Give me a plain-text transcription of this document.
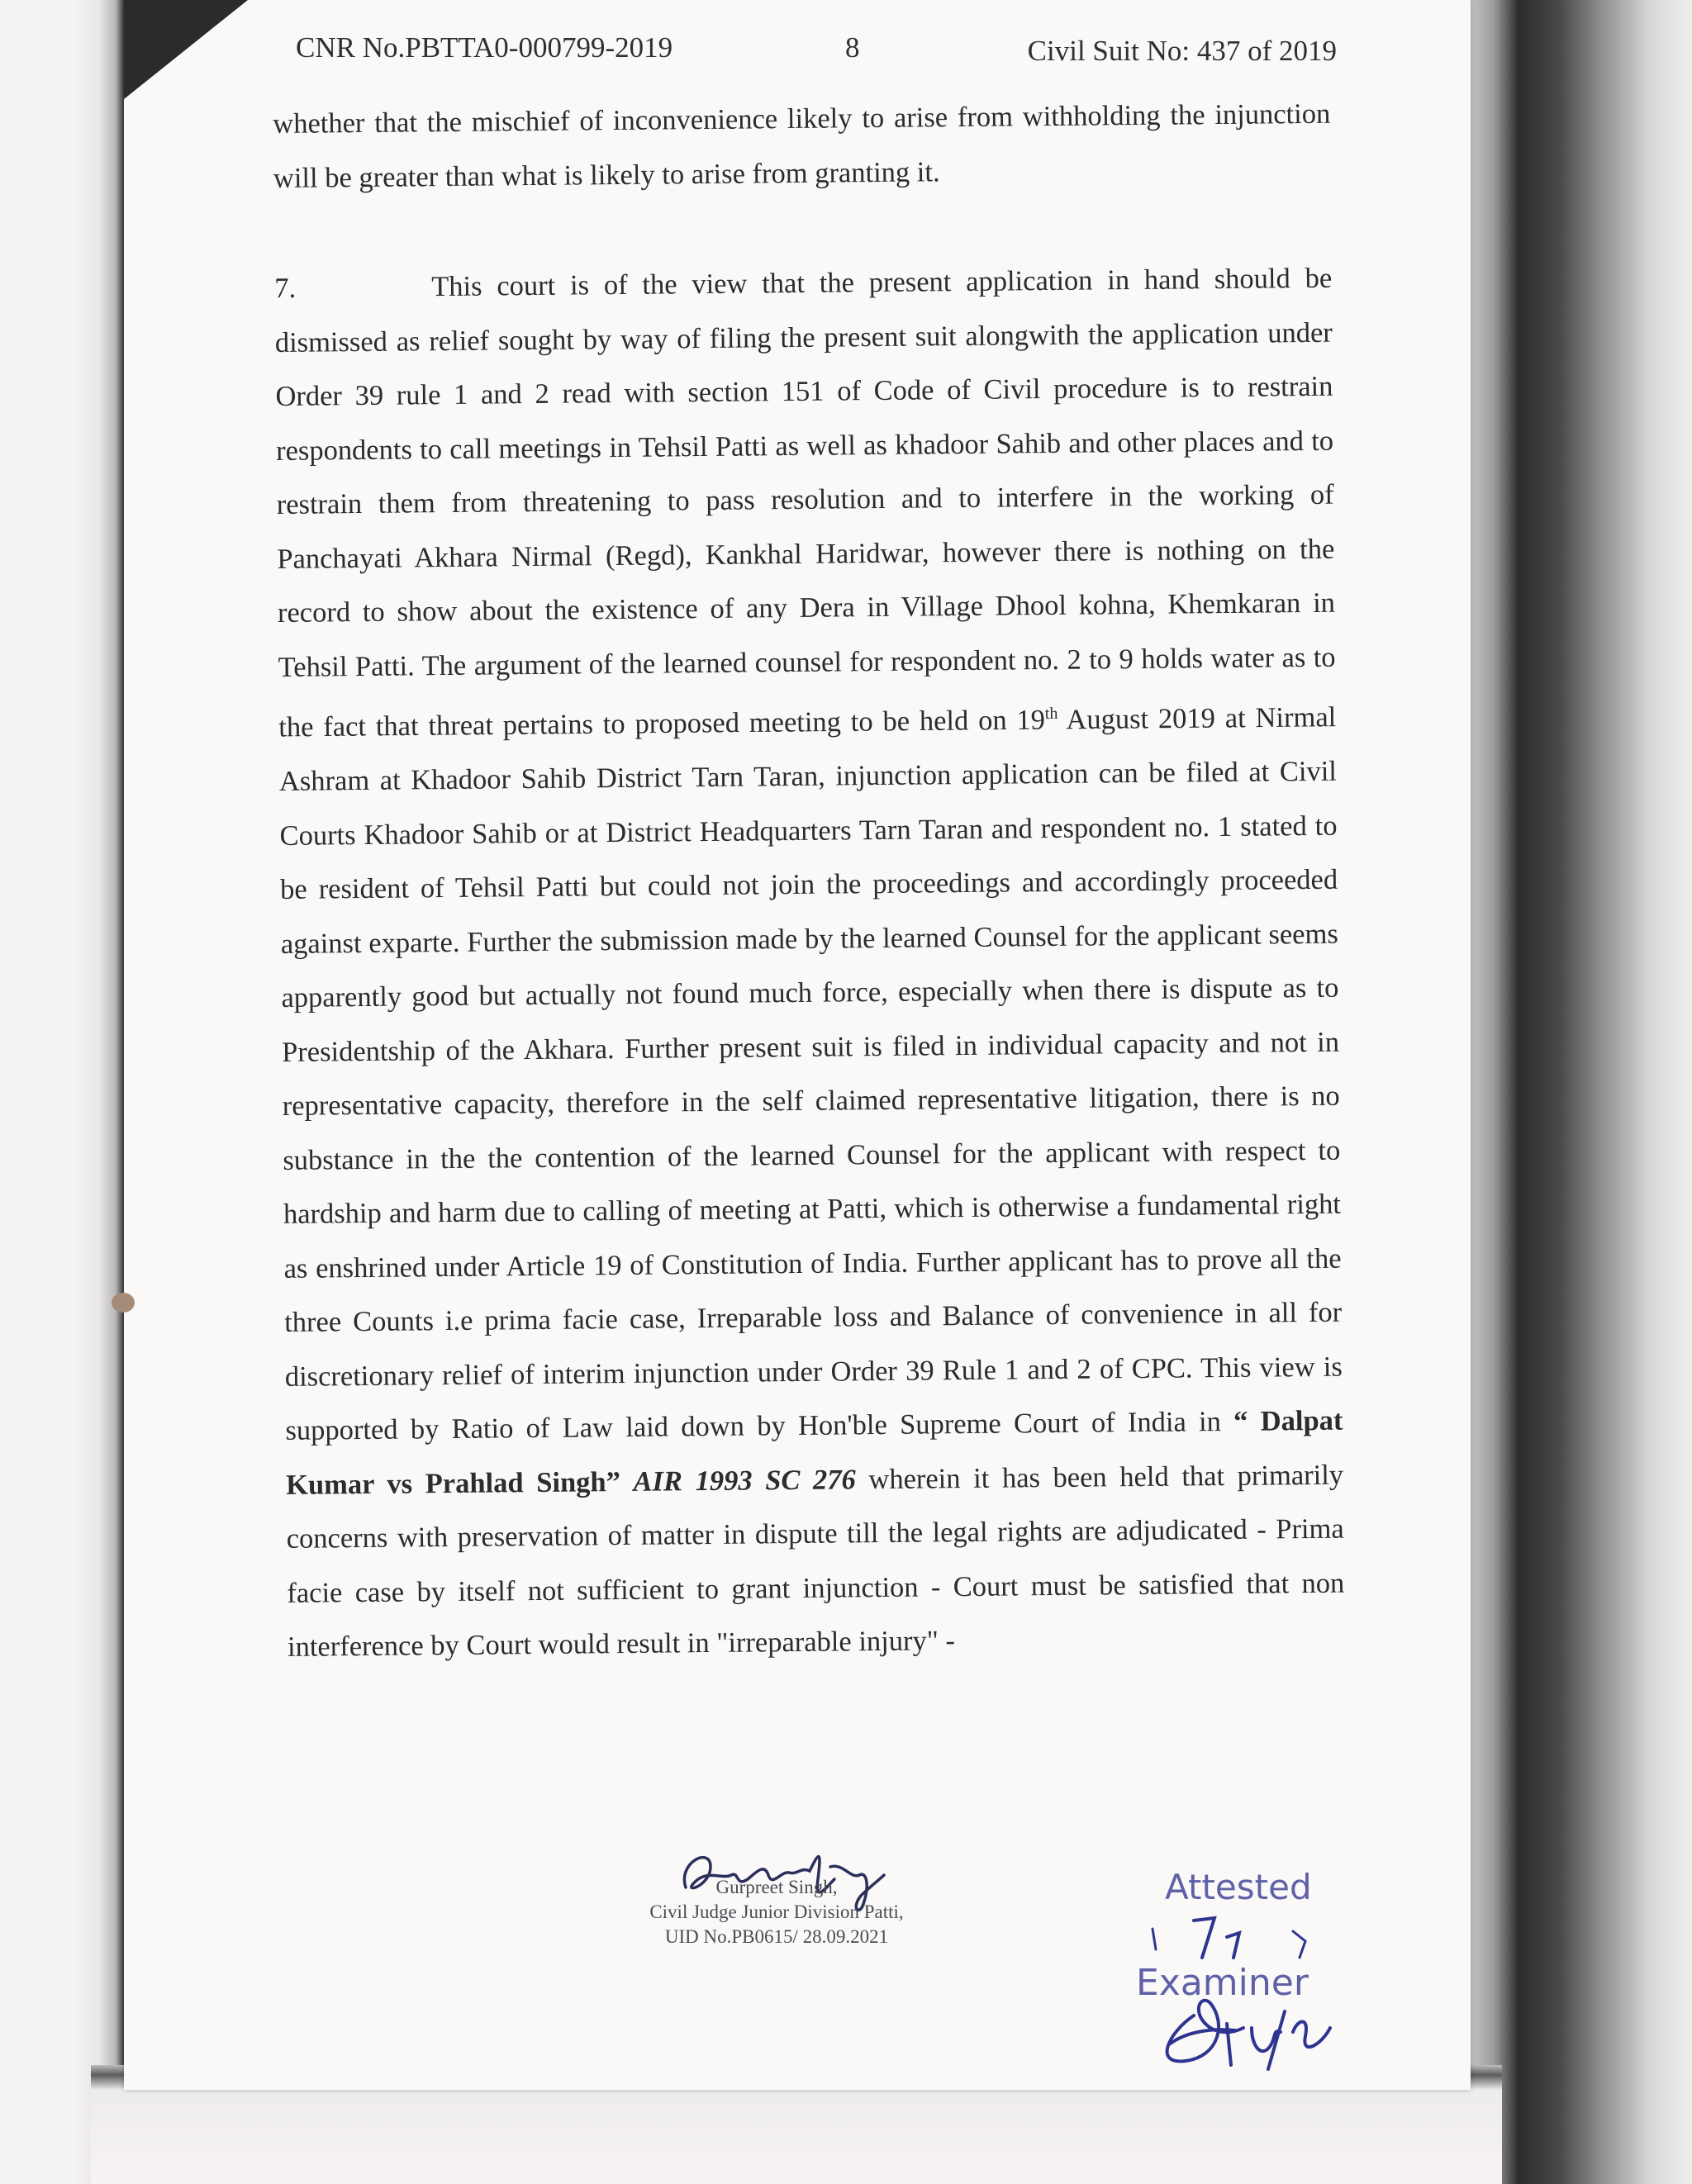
CNR No.PBTTA0-000799-2019	8	Civil Suit No: 437 of 2019

whether that the mischief of inconvenience likely to arise from withholding the injunction will be greater than what is likely to arise from granting it.

7.	This court is of the view that the present application in hand should be dismissed as relief sought by way of filing the present suit alongwith the application under Order 39 rule 1 and 2 read with section 151 of Code of Civil procedure is to restrain respondents to call meetings in Tehsil Patti as well as khadoor Sahib and other places and to restrain them from threatening to pass resolution and to interfere in the working of Panchayati Akhara Nirmal (Regd), Kankhal Haridwar, however there is nothing on the record to show about the existence of any Dera in Village Dhool kohna, Khemkaran in Tehsil Patti. The argument of the learned counsel for respondent no. 2 to 9 holds water as to the fact that threat pertains to proposed meeting to be held on 19th August 2019 at Nirmal Ashram at Khadoor Sahib District Tarn Taran, injunction application can be filed at Civil Courts Khadoor Sahib or at District Headquarters Tarn Taran and respondent no. 1 stated to be resident of Tehsil Patti but could not join the proceedings and accordingly proceeded against exparte. Further the submission made by the learned Counsel for the applicant seems apparently good but actually not found much force, especially when there is dispute as to Presidentship of the Akhara. Further present suit is filed in individual capacity and not in representative capacity, therefore in the self claimed representative litigation, there is no substance in the the contention of the learned Counsel for the applicant with respect to hardship and harm due to calling of meeting at Patti, which is otherwise a fundamental right as enshrined under Article 19 of Constitution of India. Further applicant has to prove all the three Counts i.e prima facie case, Irreparable loss and Balance of convenience in all for discretionary relief of interim injunction under Order 39 Rule 1 and 2 of CPC. This view is supported by Ratio of Law laid down by Hon'ble Supreme Court of India in “ Dalpat Kumar vs Prahlad Singh” AIR 1993 SC 276 wherein it has been held that primarily concerns with preservation of matter in dispute till the legal rights are adjudicated - Prima facie case by itself not sufficient to grant injunction - Court must be satisfied that non interference by Court would result in "irreparable injury" -

Gurpreet Singh,
Civil Judge Junior Division Patti,
UID No.PB0615/ 28.09.2021
Attested
Examiner
